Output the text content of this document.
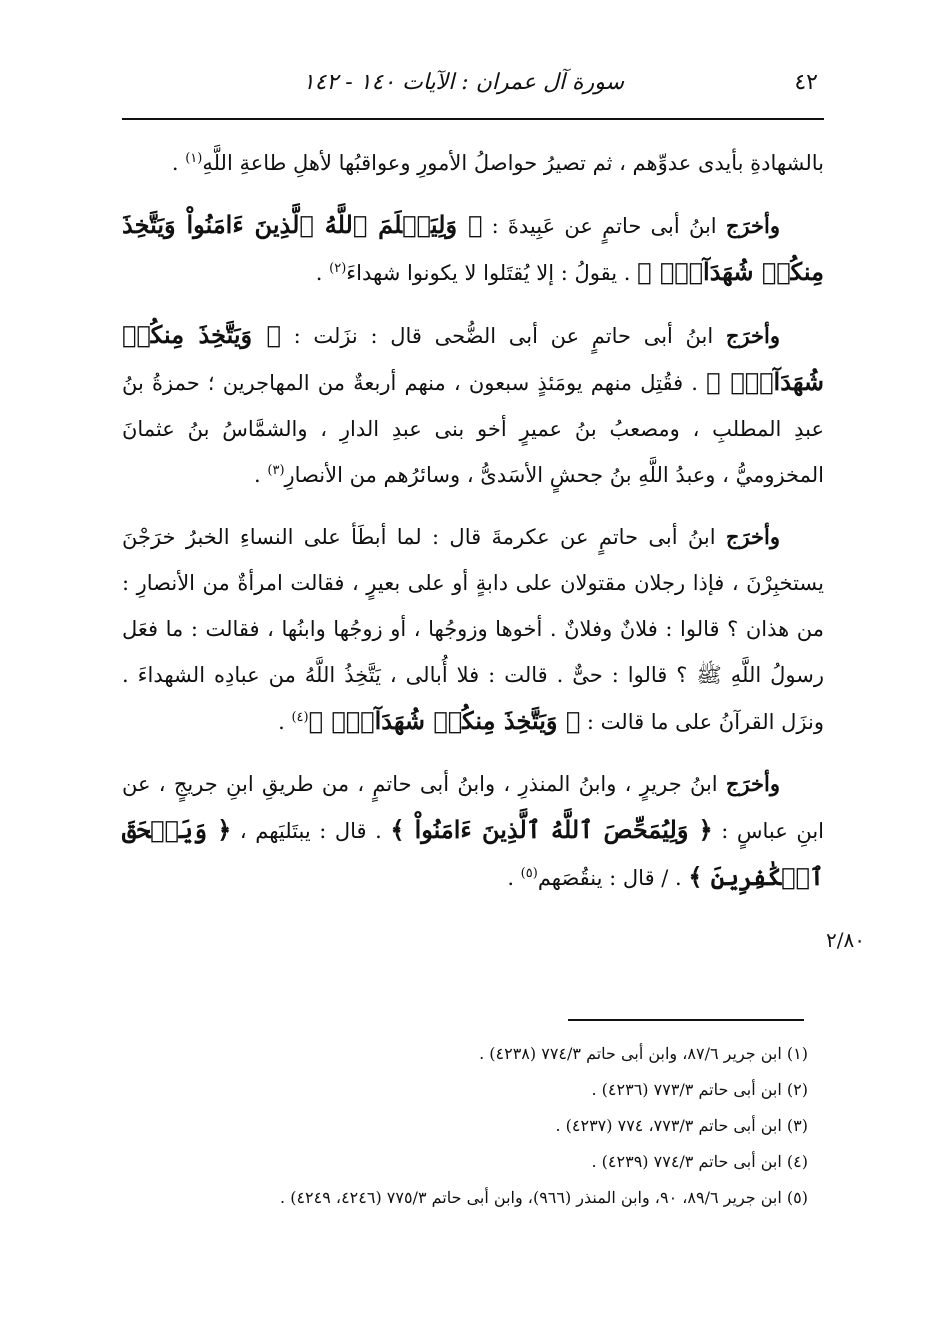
٤٢
سورة آل عمران : الآيات ١٤٠ - ١٤٢

بالشهادةِ بأيدى عدوِّهم ، ثم تصيرُ حواصلُ الأمورِ وعواقبُها لأهلِ طاعةِ اللَّهِ$^{(١)}$ .

وأخرَج ابنُ أبى حاتمٍ عن عَبِيدةَ : ﴿ وَلِيَعۡلَمَ ٱللَّهُ ٱلَّذِينَ ءَامَنُواْ وَيَتَّخِذَ مِنكُمۡ شُهَدَآءَۗ ﴾ . يقولُ : إلا يُقتَلوا لا يكونوا شهداءَ$^{(٢)}$ .

وأخرَج ابنُ أبى حاتمٍ عن أبى الضُّحى قال : نزَلت : ﴿ وَيَتَّخِذَ مِنكُمۡ شُهَدَآءَۗ ﴾ . فقُتِل منهم يومَئذٍ سبعون ، منهم أربعةٌ من المهاجرين ؛ حمزةُ بنُ عبدِ المطلبِ ، ومصعبُ بنُ عميرٍ أخو بنى عبدِ الدارِ ، والشمَّاسُ بنُ عثمانَ المخزوميُّ ، وعبدُ اللَّهِ بنُ جحشٍ الأسَدىُّ ، وسائرُهم من الأنصارِ$^{(٣)}$ .

وأخرَج ابنُ أبى حاتمٍ عن عكرمةَ قال : لما أبطَأ على النساءِ الخبرُ خرَجْنَ يستخبِرْنَ ، فإذا رجلان مقتولان على دابةٍ أو على بعيرٍ ، فقالت امرأةٌ من الأنصارِ : من هذان ؟ قالوا : فلانٌ وفلانٌ . أخوها وزوجُها ، أو زوجُها وابنُها ، فقالت : ما فعَل رسولُ اللَّهِ ﷺ ؟ قالوا : حىٌّ . قالت : فلا أُبالى ، يَتَّخِذُ اللَّهُ من عبادِه الشهداءَ . ونزَل القرآنُ على ما قالت : ﴿ وَيَتَّخِذَ مِنكُمۡ شُهَدَآءَۗ ﴾$^{(٤)}$ .

وأخرَج ابنُ جريرٍ ، وابنُ المنذرِ ، وابنُ أبى حاتمٍ ، من طريقِ ابنِ جريجٍ ، عن ابنِ عباسٍ : ﴿ وَلِيُمَحِّصَ ٱللَّهُ ٱلَّذِينَ ءَامَنُواْ ﴾ . قال : يبتَليَهم ، ﴿ وَيَمۡحَقَ ٱلۡكَٰفِرِينَ ﴾ . / قال : ينقُصَهم$^{(٥)}$ .

٢/٨٠

(١) ابن جرير ٦/‏٨٧، وابن أبى حاتم ٣/‏٧٧٤ (٤٢٣٨) .

(٢) ابن أبى حاتم ٣/‏٧٧٣ (٤٢٣٦) .

(٣) ابن أبى حاتم ٣/‏٧٧٣، ٧٧٤ (٤٢٣٧) .

(٤) ابن أبى حاتم ٣/‏٧٧٤ (٤٢٣٩) .

(٥) ابن جرير ٦/‏٨٩، ٩٠، وابن المنذر (٩٦٦)، وابن أبى حاتم ٣/‏٧٧٥ (٤٢٤٦، ٤٢٤٩) .
